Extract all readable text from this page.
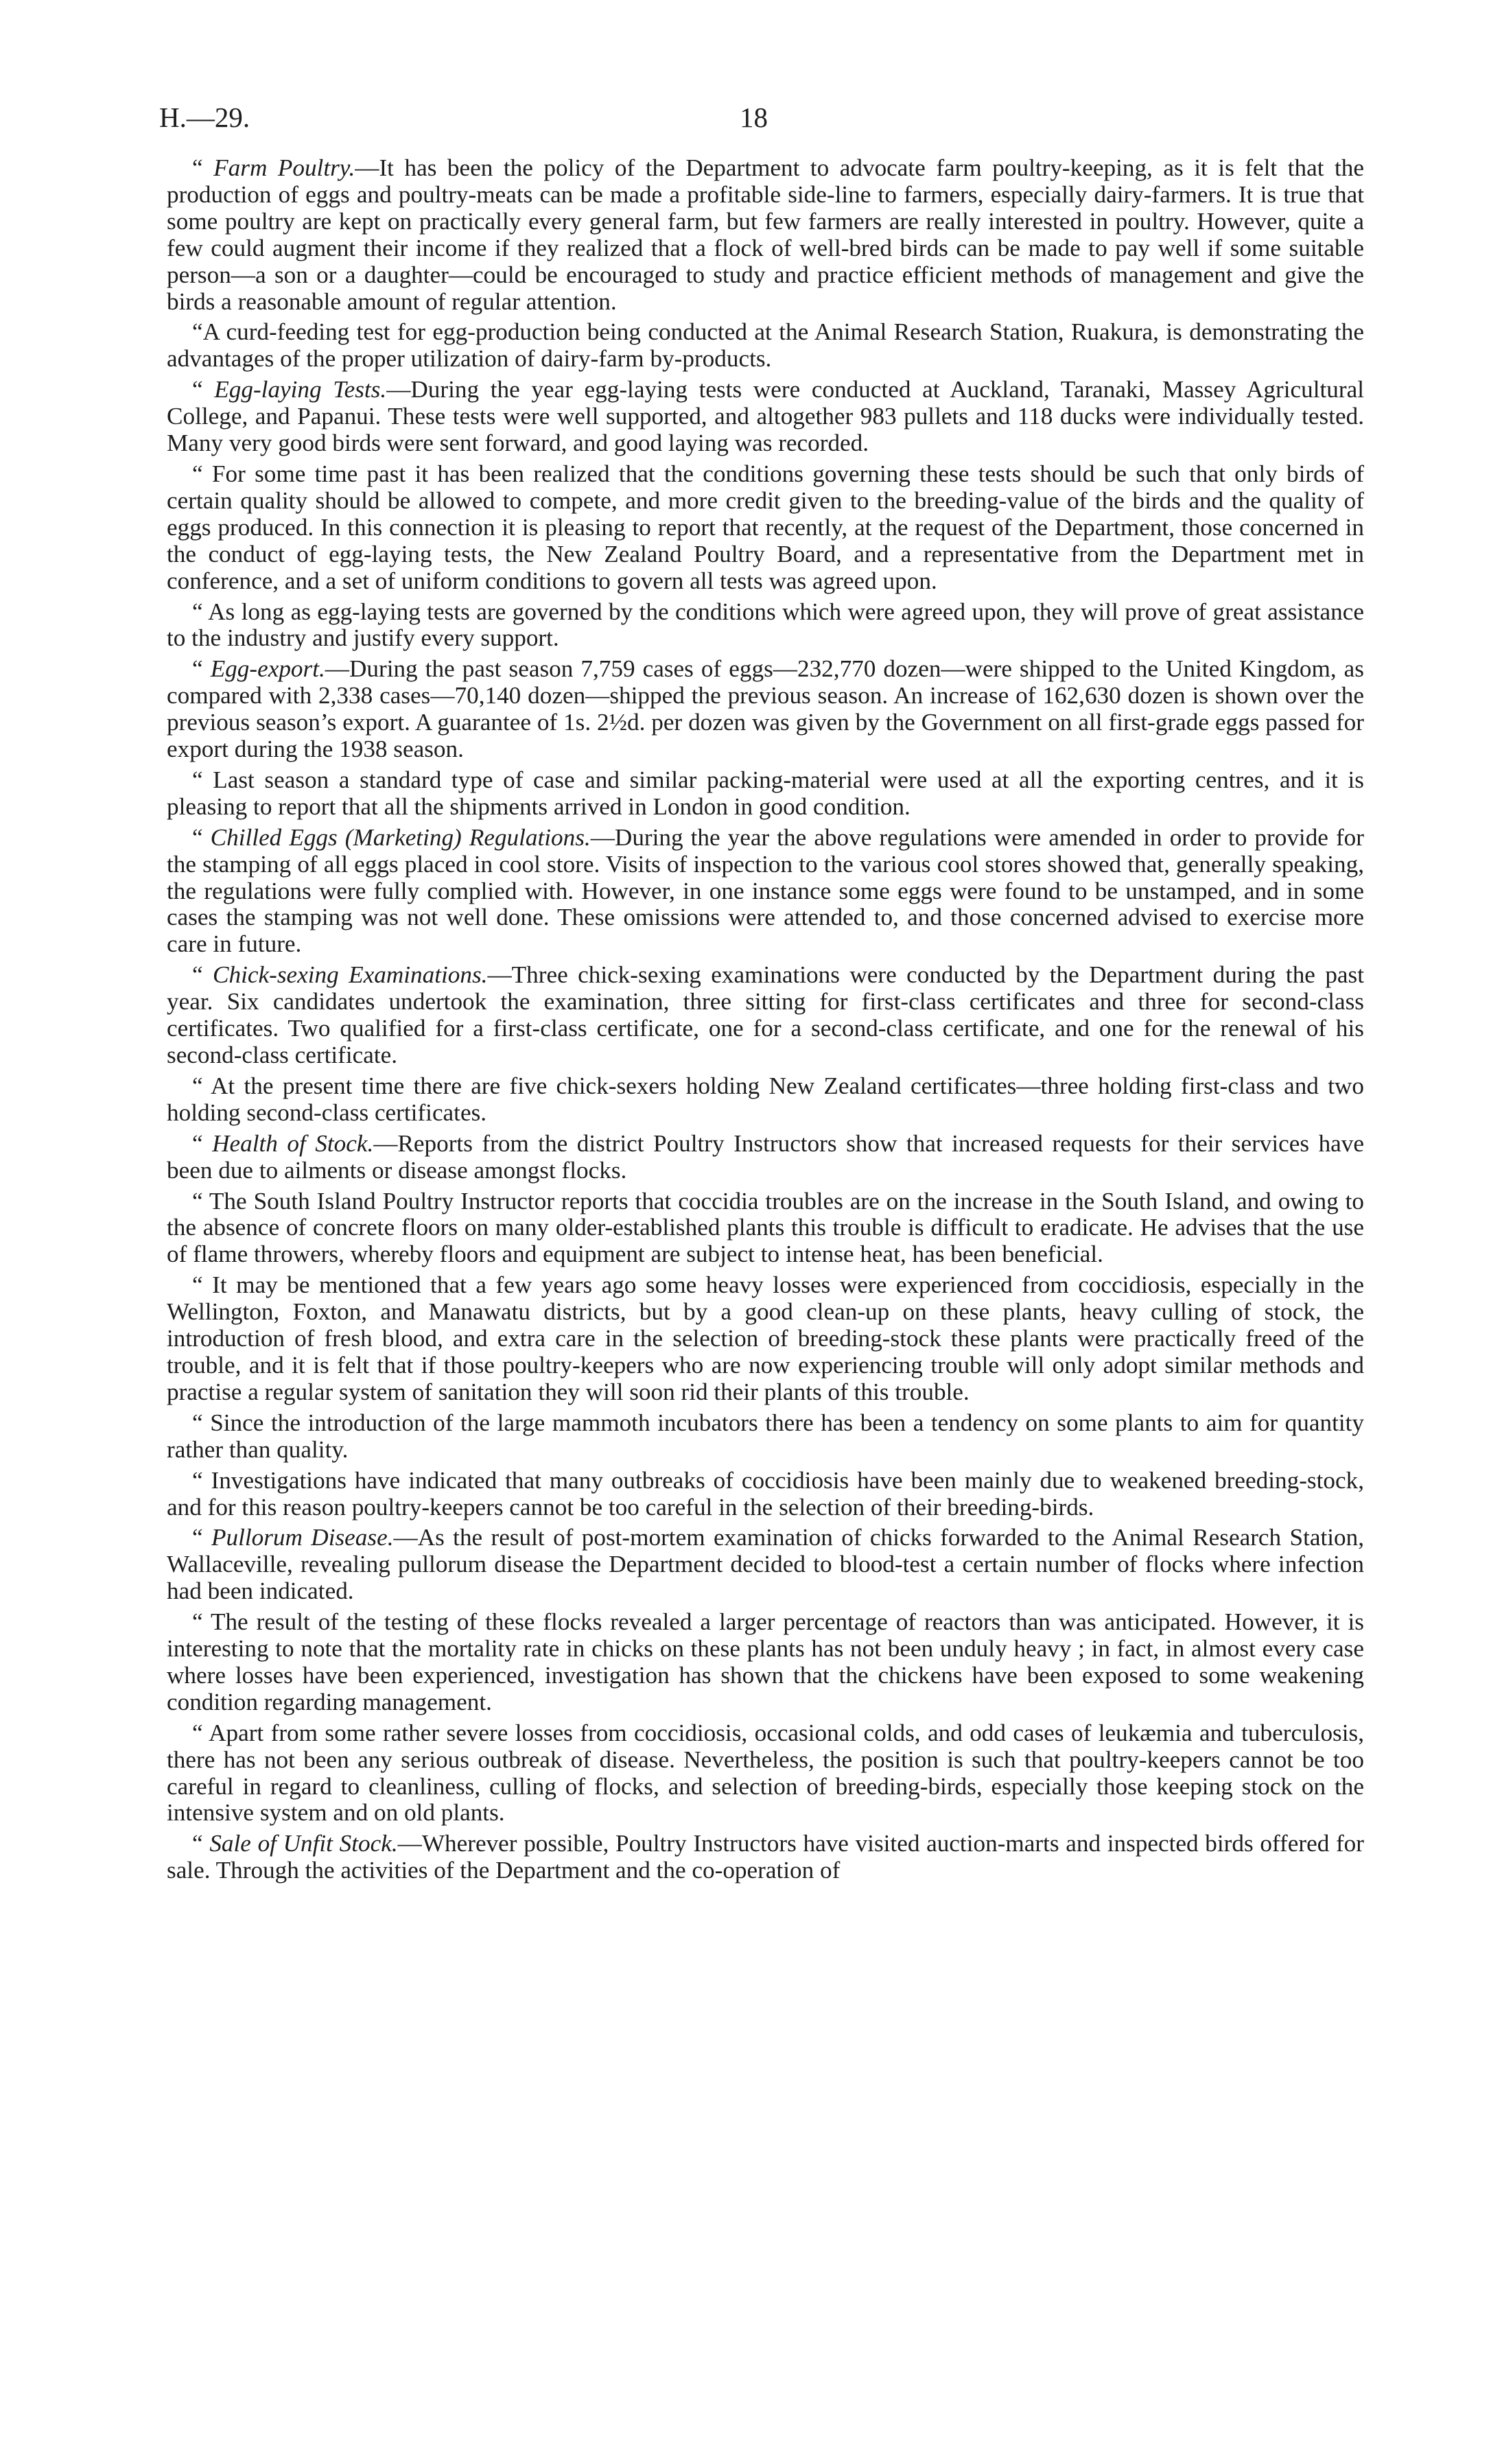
H.—29.	18

“ Farm Poultry.—It has been the policy of the Department to advocate farm poultry-keeping, as it is felt that the production of eggs and poultry-meats can be made a profitable side-line to farmers, especially dairy-farmers. It is true that some poultry are kept on practically every general farm, but few farmers are really interested in poultry. However, quite a few could augment their income if they realized that a flock of well-bred birds can be made to pay well if some suitable person—a son or a daughter—could be encouraged to study and practice efficient methods of management and give the birds a reasonable amount of regular attention.

“A curd-feeding test for egg-production being conducted at the Animal Research Station, Ruakura, is demonstrating the advantages of the proper utilization of dairy-farm by-products.

“ Egg-laying Tests.—During the year egg-laying tests were conducted at Auckland, Taranaki, Massey Agricultural College, and Papanui. These tests were well supported, and altogether 983 pullets and 118 ducks were individually tested. Many very good birds were sent forward, and good laying was recorded.

“ For some time past it has been realized that the conditions governing these tests should be such that only birds of certain quality should be allowed to compete, and more credit given to the breeding-value of the birds and the quality of eggs produced. In this connection it is pleasing to report that recently, at the request of the Department, those concerned in the conduct of egg-laying tests, the New Zealand Poultry Board, and a representative from the Department met in conference, and a set of uniform conditions to govern all tests was agreed upon.

“ As long as egg-laying tests are governed by the conditions which were agreed upon, they will prove of great assistance to the industry and justify every support.

“ Egg-export.—During the past season 7,759 cases of eggs—232,770 dozen—were shipped to the United Kingdom, as compared with 2,338 cases—70,140 dozen—shipped the previous season. An increase of 162,630 dozen is shown over the previous season’s export. A guarantee of 1s. 2½d. per dozen was given by the Government on all first-grade eggs passed for export during the 1938 season.

“ Last season a standard type of case and similar packing-material were used at all the exporting centres, and it is pleasing to report that all the shipments arrived in London in good condition.

“ Chilled Eggs (Marketing) Regulations.—During the year the above regulations were amended in order to provide for the stamping of all eggs placed in cool store. Visits of inspection to the various cool stores showed that, generally speaking, the regulations were fully complied with. However, in one instance some eggs were found to be unstamped, and in some cases the stamping was not well done. These omissions were attended to, and those concerned advised to exercise more care in future.

“ Chick-sexing Examinations.—Three chick-sexing examinations were conducted by the Department during the past year. Six candidates undertook the examination, three sitting for first-class certificates and three for second-class certificates. Two qualified for a first-class certificate, one for a second-class certificate, and one for the renewal of his second-class certificate.

“ At the present time there are five chick-sexers holding New Zealand certificates—three holding first-class and two holding second-class certificates.

“ Health of Stock.—Reports from the district Poultry Instructors show that increased requests for their services have been due to ailments or disease amongst flocks.

“ The South Island Poultry Instructor reports that coccidia troubles are on the increase in the South Island, and owing to the absence of concrete floors on many older-established plants this trouble is difficult to eradicate. He advises that the use of flame throwers, whereby floors and equipment are subject to intense heat, has been beneficial.

“ It may be mentioned that a few years ago some heavy losses were experienced from coccidiosis, especially in the Wellington, Foxton, and Manawatu districts, but by a good clean-up on these plants, heavy culling of stock, the introduction of fresh blood, and extra care in the selection of breeding-stock these plants were practically freed of the trouble, and it is felt that if those poultry-keepers who are now experiencing trouble will only adopt similar methods and practise a regular system of sanitation they will soon rid their plants of this trouble.

“ Since the introduction of the large mammoth incubators there has been a tendency on some plants to aim for quantity rather than quality.

“ Investigations have indicated that many outbreaks of coccidiosis have been mainly due to weakened breeding-stock, and for this reason poultry-keepers cannot be too careful in the selection of their breeding-birds.

“ Pullorum Disease.—As the result of post-mortem examination of chicks forwarded to the Animal Research Station, Wallaceville, revealing pullorum disease the Department decided to blood-test a certain number of flocks where infection had been indicated.

“ The result of the testing of these flocks revealed a larger percentage of reactors than was anticipated. However, it is interesting to note that the mortality rate in chicks on these plants has not been unduly heavy ; in fact, in almost every case where losses have been experienced, investigation has shown that the chickens have been exposed to some weakening condition regarding management.

“ Apart from some rather severe losses from coccidiosis, occasional colds, and odd cases of leukæmia and tuberculosis, there has not been any serious outbreak of disease. Nevertheless, the position is such that poultry-keepers cannot be too careful in regard to cleanliness, culling of flocks, and selection of breeding-birds, especially those keeping stock on the intensive system and on old plants.

“ Sale of Unfit Stock.—Wherever possible, Poultry Instructors have visited auction-marts and inspected birds offered for sale. Through the activities of the Department and the co-operation of
